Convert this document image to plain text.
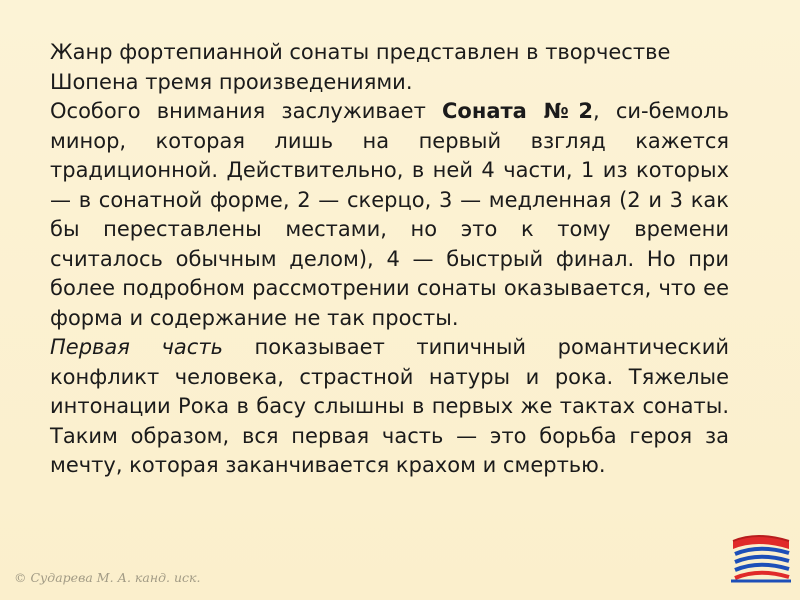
Жанр фортепианной сонаты представлен в творчестве Шопена тремя произведениями.

Особого внимания заслуживает Соната №2, си-бемоль минор, которая лишь на первый взгляд кажется традиционной. Действительно, в ней 4 части, 1 из которых — в сонатной форме, 2 — скерцо, 3 — медленная (2 и 3 как бы переставлены местами, но это к тому времени считалось обычным делом), 4 — быстрый финал. Но при более подробном рассмотрении сонаты оказывается, что ее форма и содержание не так просты.

Первая часть показывает типичный романтический конфликт человека, страстной натуры и рока. Тяжелые интонации Рока в басу слышны в первых же тактах сонаты. Таким образом, вся первая часть — это борьба героя за мечту, которая заканчивается крахом и смертью.

© Сударева М. А. канд. иск.
